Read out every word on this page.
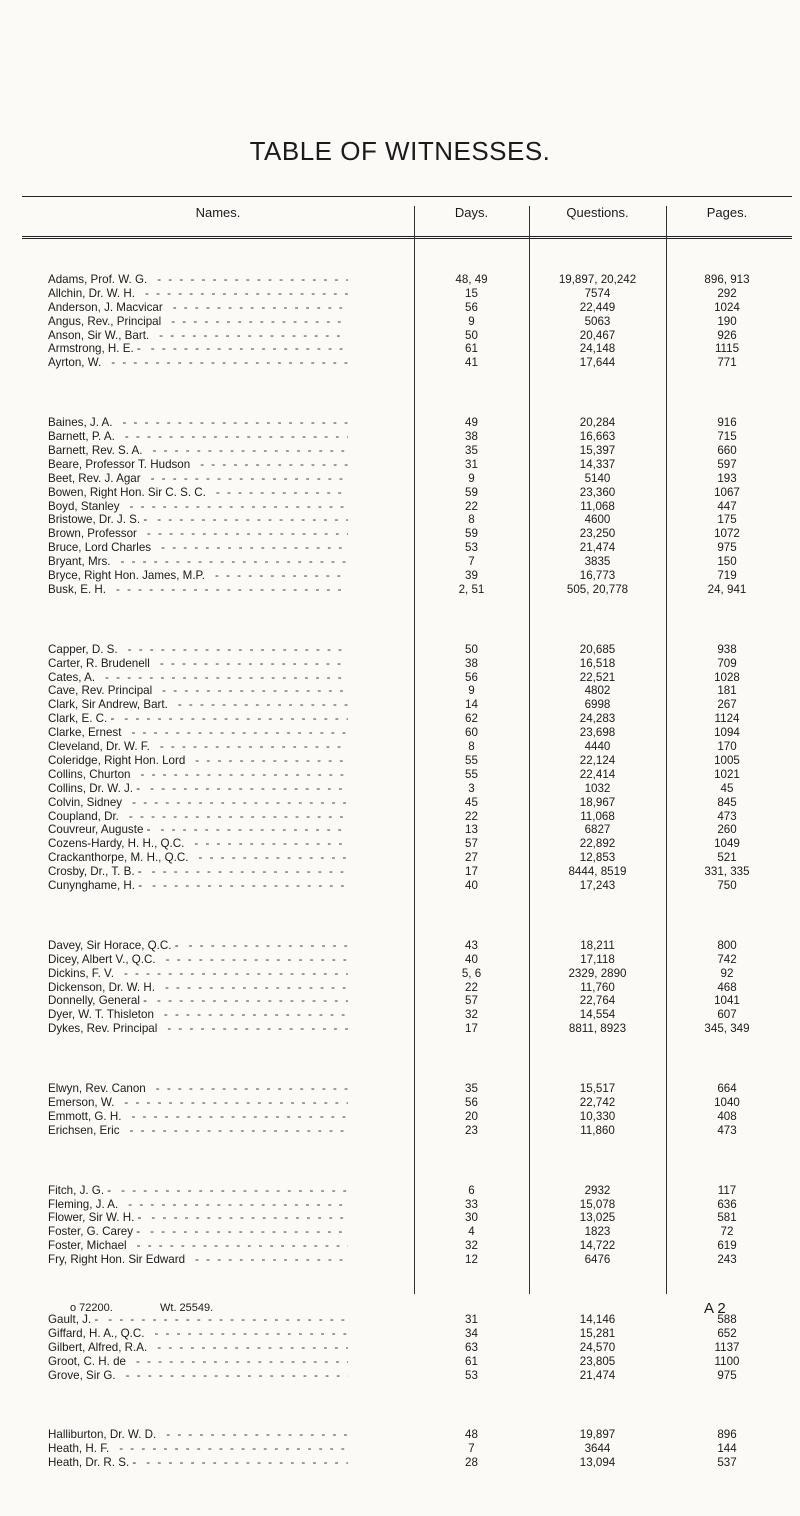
TABLE OF WITNESSES.
Names.	Days.	Questions.	Pages.
Adams, Prof. W. G. - -	48, 49	19,897, 20,242	896, 913
Allchin, Dr. W. H. - -	15	7574	292
Anderson, J. Macvicar - -	56	22,449	1024
Angus, Rev., Principal - -	9	5063	190
Anson, Sir W., Bart. - -	50	20,467	926
Armstrong, H. E. - - -	61	24,148	1115
Ayrton, W. - -	41	17,644	771
Baines, J. A. - -	49	20,284	916
Barnett, P. A. - -	38	16,663	715
Barnett, Rev. S. A. - -	35	15,397	660
Beare, Professor T. Hudson - -	31	14,337	597
Beet, Rev. J. Agar - -	9	5140	193
Bowen, Right Hon. Sir C. S. C. - -	59	23,360	1067
Boyd, Stanley - -	22	11,068	447
Bristowe, Dr. J. S. - - -	8	4600	175
Brown, Professor - -	59	23,250	1072
Bruce, Lord Charles - -	53	21,474	975
Bryant, Mrs. - -	7	3835	150
Bryce, Right Hon. James, M.P. - -	39	16,773	719
Busk, E. H. - -	2, 51	505, 20,778	24, 941
Capper, D. S. - -	50	20,685	938
Carter, R. Brudenell - -	38	16,518	709
Cates, A. - -	56	22,521	1028
Cave, Rev. Principal - -	9	4802	181
Clark, Sir Andrew, Bart. - -	14	6998	267
Clark, E. C. - - -	62	24,283	1124
Clarke, Ernest - -	60	23,698	1094
Cleveland, Dr. W. F. - -	8	4440	170
Coleridge, Right Hon. Lord - -	55	22,124	1005
Collins, Churton - -	55	22,414	1021
Collins, Dr. W. J. - - -	3	1032	45
Colvin, Sidney - -	45	18,967	845
Coupland, Dr. - -	22	11,068	473
Couvreur, Auguste - - -	13	6827	260
Cozens-Hardy, H. H., Q.C. - -	57	22,892	1049
Crackanthorpe, M. H., Q.C. - -	27	12,853	521
Crosby, Dr., T. B. - - -	17	8444, 8519	331, 335
Cunynghame, H. - - -	40	17,243	750
Davey, Sir Horace, Q.C. - - -	43	18,211	800
Dicey, Albert V., Q.C. - -	40	17,118	742
Dickins, F. V. - -	5, 6	2329, 2890	92
Dickenson, Dr. W. H. - -	22	11,760	468
Donnelly, General - - -	57	22,764	1041
Dyer, W. T. Thisleton - -	32	14,554	607
Dykes, Rev. Principal - -	17	8811, 8923	345, 349
Elwyn, Rev. Canon - -	35	15,517	664
Emerson, W. - -	56	22,742	1040
Emmott, G. H. - -	20	10,330	408
Erichsen, Eric - -	23	11,860	473
Fitch, J. G. - - -	6	2932	117
Fleming, J. A. - -	33	15,078	636
Flower, Sir W. H. - - -	30	13,025	581
Foster, G. Carey - - -	4	1823	72
Foster, Michael - -	32	14,722	619
Fry, Right Hon. Sir Edward - -	12	6476	243
Gault, J. - - -	31	14,146	588
Giffard, H. A., Q.C. - -	34	15,281	652
Gilbert, Alfred, R.A. - -	63	24,570	1137
Groot, C. H. de - -	61	23,805	1100
Grove, Sir G. - -	53	21,474	975
Halliburton, Dr. W. D. - -	48	19,897	896
Heath, H. F. - -	7	3644	144
Heath, Dr. R. S. - - -	28	13,094	537
o 72200.	Wt. 25549.	A 2
